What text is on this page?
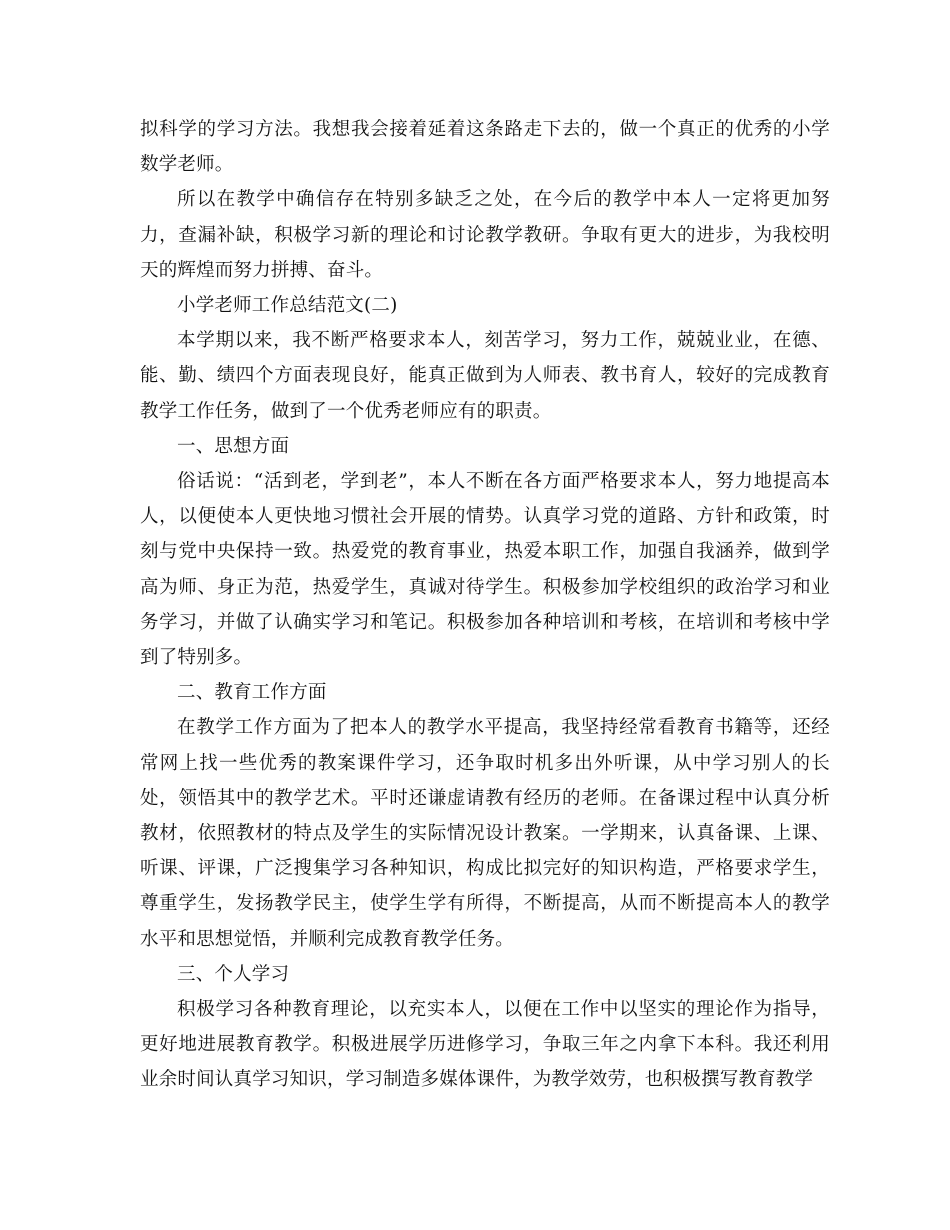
拟科学的学习方法。我想我会接着延着这条路走下去的，做一个真正的优秀的小学数学老师。

所以在教学中确信存在特别多缺乏之处，在今后的教学中本人一定将更加努力，查漏补缺，积极学习新的理论和讨论教学教研。争取有更大的进步，为我校明天的辉煌而努力拼搏、奋斗。

小学老师工作总结范文(二)

本学期以来，我不断严格要求本人，刻苦学习，努力工作，兢兢业业，在德、能、勤、绩四个方面表现良好，能真正做到为人师表、教书育人，较好的完成教育教学工作任务，做到了一个优秀老师应有的职责。

一、思想方面

俗话说：“活到老，学到老”，本人不断在各方面严格要求本人，努力地提高本人，以便使本人更快地习惯社会开展的情势。认真学习党的道路、方针和政策，时刻与党中央保持一致。热爱党的教育事业，热爱本职工作，加强自我涵养，做到学高为师、身正为范，热爱学生，真诚对待学生。积极参加学校组织的政治学习和业务学习，并做了认确实学习和笔记。积极参加各种培训和考核，在培训和考核中学到了特别多。

二、教育工作方面

在教学工作方面为了把本人的教学水平提高，我坚持经常看教育书籍等，还经常网上找一些优秀的教案课件学习，还争取时机多出外听课，从中学习别人的长处，领悟其中的教学艺术。平时还谦虚请教有经历的老师。在备课过程中认真分析教材，依照教材的特点及学生的实际情况设计教案。一学期来，认真备课、上课、听课、评课，广泛搜集学习各种知识，构成比拟完好的知识构造，严格要求学生，尊重学生，发扬教学民主，使学生学有所得，不断提高，从而不断提高本人的教学水平和思想觉悟，并顺利完成教育教学任务。

三、个人学习

积极学习各种教育理论，以充实本人，以便在工作中以坚实的理论作为指导，更好地进展教育教学。积极进展学历进修学习，争取三年之内拿下本科。我还利用业余时间认真学习知识，学习制造多媒体课件，为教学效劳，也积极撰写教育教学
